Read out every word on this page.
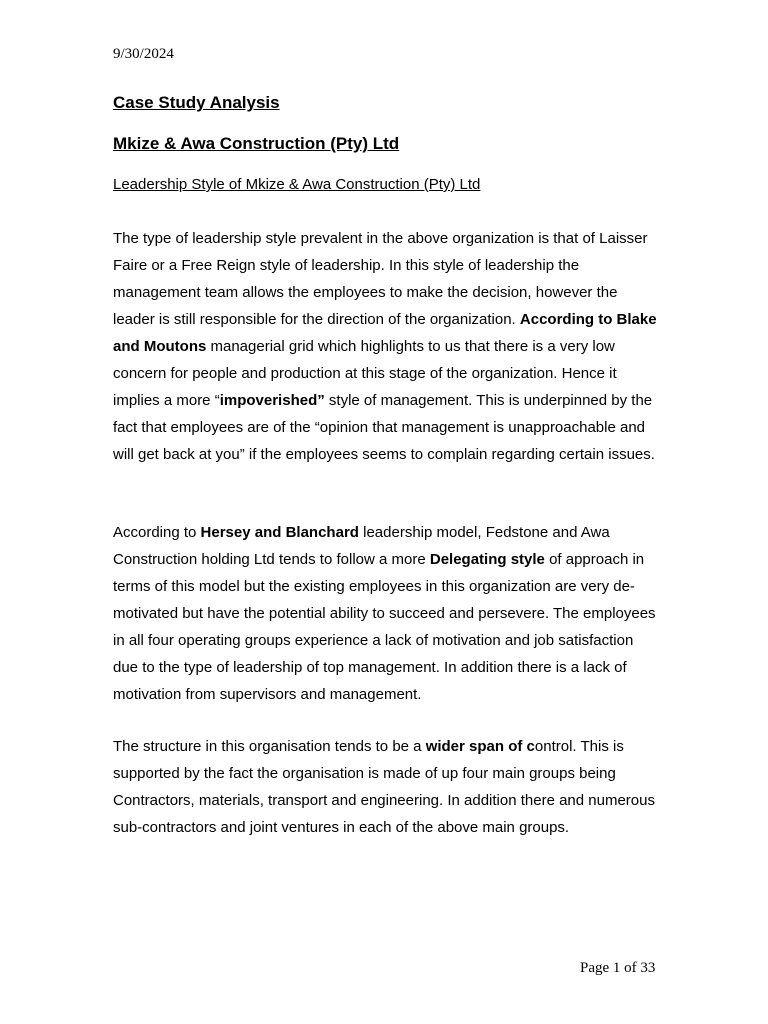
9/30/2024
Case Study Analysis
Mkize & Awa Construction (Pty) Ltd
Leadership Style of Mkize & Awa Construction (Pty) Ltd

The type of leadership style prevalent in the above organization is that of Laisser Faire or a Free Reign style of leadership. In this style of leadership the management team allows the employees to make the decision, however the leader is still responsible for the direction of the organization. According to Blake and Moutons managerial grid which highlights to us that there is a very low concern for people and production at this stage of the organization. Hence it implies a more “impoverished” style of management. This is underpinned by the fact that employees are of the “opinion that management is unapproachable and will get back at you” if the employees seems to complain regarding certain issues.

According to Hersey and Blanchard leadership model, Fedstone and Awa Construction holding Ltd tends to follow a more Delegating style of approach in terms of this model but the existing employees in this organization are very de-motivated but have the potential ability to succeed and persevere. The employees in all four operating groups experience a lack of motivation and job satisfaction due to the type of leadership of top management. In addition there is a lack of motivation from supervisors and management.

The structure in this organisation tends to be a wider span of control. This is supported by the fact the organisation is made of up four main groups being Contractors, materials, transport and engineering. In addition there and numerous sub-contractors and joint ventures in each of the above main groups.

Page 1 of 33
